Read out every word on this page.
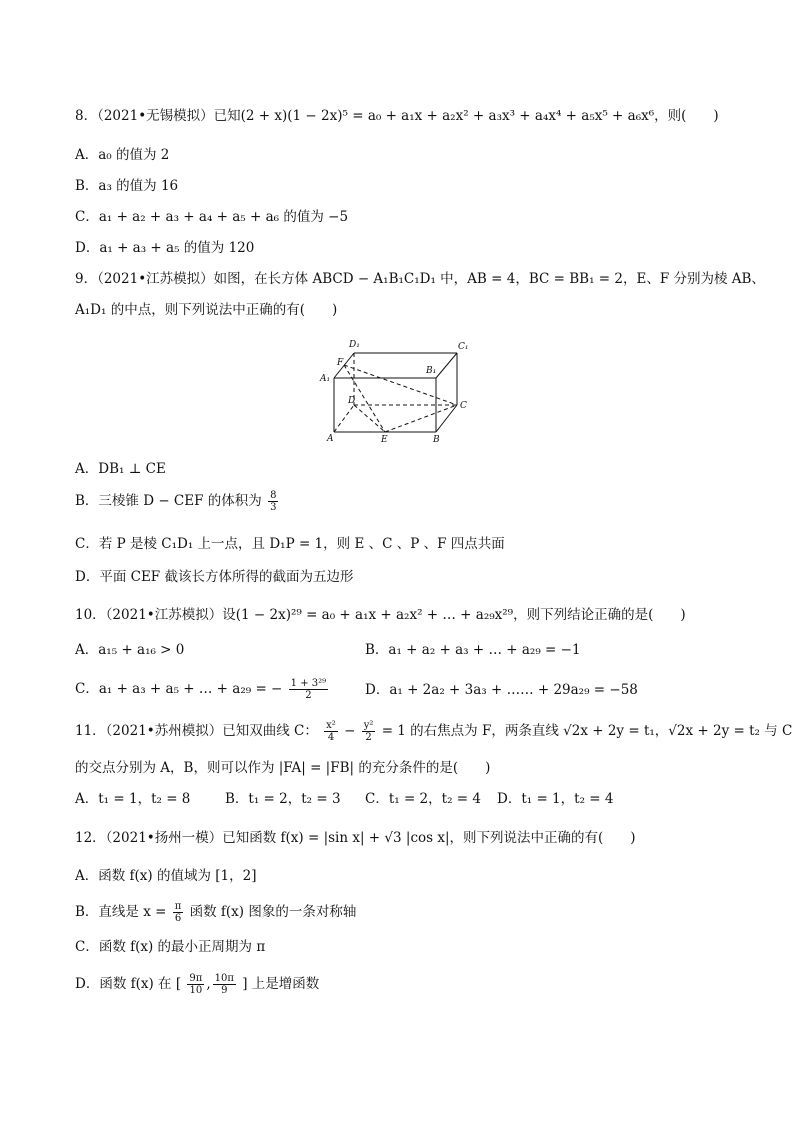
8．（2021•无锡模拟）已知(2 + x)(1 − 2x)⁵ = a₀ + a₁x + a₂x² + a₃x³ + a₄x⁴ + a₅x⁵ + a₆x⁶，则(　　)
A．a₀ 的值为 2
B．a₃ 的值为 16
C．a₁ + a₂ + a₃ + a₄ + a₅ + a₆ 的值为 −5
D．a₁ + a₃ + a₅ 的值为 120
9．（2021•江苏模拟）如图，在长方体 ABCD − A₁B₁C₁D₁ 中，AB = 4，BC = BB₁ = 2，E、F 分别为棱 AB、
A₁D₁ 的中点，则下列说法中正确的有(　　)
D₁	C₁
F
B₁
A₁
D	C
A	E	B
A．DB₁ ⊥ CE
B．三棱锥 D − CEF 的体积为 $\frac{8}{3}$
C．若 P 是棱 C₁D₁ 上一点，且 D₁P = 1，则 E 、C 、P 、F 四点共面
D．平面 CEF 截该长方体所得的截面为五边形
10．（2021•江苏模拟）设(1 − 2x)²⁹ = a₀ + a₁x + a₂x² + … + a₂₉x²⁹，则下列结论正确的是(　　)
A．a₁₅ + a₁₆ > 0	B．a₁ + a₂ + a₃ + … + a₂₉ = −1
C．a₁ + a₃ + a₅ + … + a₂₉ = − $\frac{\text{1 + 3²⁹}}{2}$	D．a₁ + 2a₂ + 3a₃ + …… + 29a₂₉ = −58
11．（2021•苏州模拟）已知双曲线 C： $\frac{\text{x²}}{4} - \frac{\text{y²}}{2} = 1$ 的右焦点为 F，两条直线 √2x + 2y = t₁，√2x + 2y = t₂ 与 C
的交点分别为 A，B，则可以作为 |FA| = |FB| 的充分条件的是(　　)
A．t₁ = 1，t₂ = 8	B．t₁ = 2，t₂ = 3 C．t₁ = 2，t₂ = 4 D．t₁ = 1，t₂ = 4
12．（2021•扬州一模）已知函数 f(x) = |sin x| + √3 |cos x|，则下列说法中正确的有(　　)
A．函数 f(x) 的值域为 [1，2]
B．直线是 $x = \frac{\pi}{6}$ 函数 f(x) 图象的一条对称轴
C．函数 f(x) 的最小正周期为 π
D．函数 f(x) 在 [ $\frac{9\pi}{10}$ , $\frac{10\pi}{9}$ ] 上是增函数
